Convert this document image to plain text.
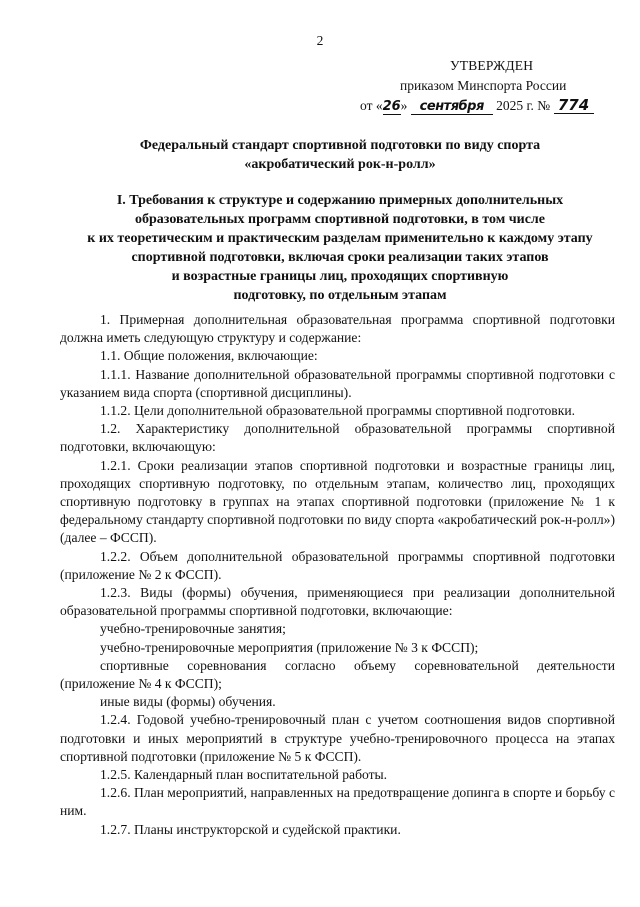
2
УТВЕРЖДЕН
приказом Минспорта России
от «26» сентября 2025 г. № 774
Федеральный стандарт спортивной подготовки по виду спорта
«акробатический рок-н-ролл»
I. Требования к структуре и содержанию примерных дополнительных
образовательных программ спортивной подготовки, в том числе
к их теоретическим и практическим разделам применительно к каждому этапу
спортивной подготовки, включая сроки реализации таких этапов
и возрастные границы лиц, проходящих спортивную
подготовку, по отдельным этапам

1. Примерная дополнительная образовательная программа спортивной подготовки должна иметь следующую структуру и содержание:

1.1. Общие положения, включающие:

1.1.1. Название дополнительной образовательной программы спортивной подготовки с указанием вида спорта (спортивной дисциплины).

1.1.2. Цели дополнительной образовательной программы спортивной подготовки.

1.2. Характеристику дополнительной образовательной программы спортивной подготовки, включающую:

1.2.1. Сроки реализации этапов спортивной подготовки и возрастные границы лиц, проходящих спортивную подготовку, по отдельным этапам, количество лиц, проходящих спортивную подготовку в группах на этапах спортивной подготовки (приложение № 1 к федеральному стандарту спортивной подготовки по виду спорта «акробатический рок-н-ролл») (далее – ФССП).

1.2.2. Объем дополнительной образовательной программы спортивной подготовки (приложение № 2 к ФССП).

1.2.3. Виды (формы) обучения, применяющиеся при реализации дополнительной образовательной программы спортивной подготовки, включающие:

учебно-тренировочные занятия;

учебно-тренировочные мероприятия (приложение № 3 к ФССП);

спортивные соревнования согласно объему соревновательной деятельности (приложение № 4 к ФССП);

иные виды (формы) обучения.

1.2.4. Годовой учебно-тренировочный план с учетом соотношения видов спортивной подготовки и иных мероприятий в структуре учебно-тренировочного процесса на этапах спортивной подготовки (приложение № 5 к ФССП).

1.2.5. Календарный план воспитательной работы.

1.2.6. План мероприятий, направленных на предотвращение допинга в спорте и борьбу с ним.

1.2.7. Планы инструкторской и судейской практики.
